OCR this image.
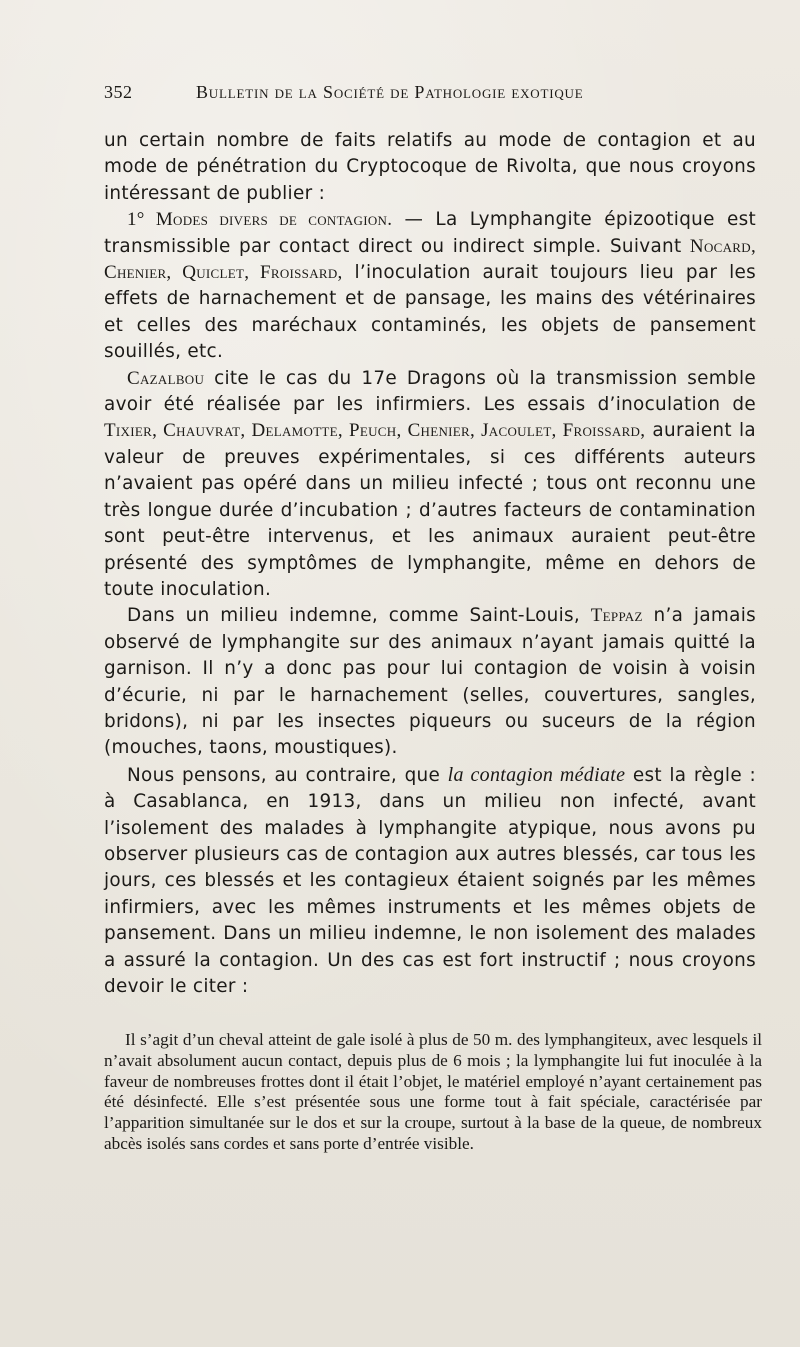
352	Bulletin de la Société de Pathologie exotique

un certain nombre de faits relatifs au mode de contagion et au mode de pénétration du Cryptocoque de Rivolta, que nous croyons intéressant de publier :

1° Modes divers de contagion. — La Lymphangite épizootique est transmissible par contact direct ou indirect simple. Suivant Nocard, Chenier, Quiclet, Froissard, l’inoculation aurait toujours lieu par les effets de harnachement et de pansage, les mains des vétérinaires et celles des maréchaux contaminés, les objets de pansement souillés, etc.

Cazalbou cite le cas du 17e Dragons où la transmission semble avoir été réalisée par les infirmiers. Les essais d’inoculation de Tixier, Chauvrat, Delamotte, Peuch, Chenier, Jacoulet, Froissard, auraient la valeur de preuves expérimentales, si ces différents auteurs n’avaient pas opéré dans un milieu infecté ; tous ont reconnu une très longue durée d’incubation ; d’autres facteurs de contamination sont peut-être intervenus, et les animaux auraient peut-être présenté des symptômes de lymphangite, même en dehors de toute inoculation.

Dans un milieu indemne, comme Saint-Louis, Teppaz n’a jamais observé de lymphangite sur des animaux n’ayant jamais quitté la garnison. Il n’y a donc pas pour lui contagion de voisin à voisin d’écurie, ni par le harnachement (selles, couvertures, sangles, bridons), ni par les insectes piqueurs ou suceurs de la région (mouches, taons, moustiques).

Nous pensons, au contraire, que la contagion médiate est la règle : à Casablanca, en 1913, dans un milieu non infecté, avant l’isolement des malades à lymphangite atypique, nous avons pu observer plusieurs cas de contagion aux autres blessés, car tous les jours, ces blessés et les contagieux étaient soignés par les mêmes infirmiers, avec les mêmes instruments et les mêmes objets de pansement. Dans un milieu indemne, le non isolement des malades a assuré la contagion. Un des cas est fort instructif ; nous croyons devoir le citer :

Il s’agit d’un cheval atteint de gale isolé à plus de 50 m. des lymphangiteux, avec lesquels il n’avait absolument aucun contact, depuis plus de 6 mois ; la lymphangite lui fut inoculée à la faveur de nombreuses frottes dont il était l’objet, le matériel employé n’ayant certainement pas été désinfecté. Elle s’est présentée sous une forme tout à fait spéciale, caractérisée par l’apparition simultanée sur le dos et sur la croupe, surtout à la base de la queue, de nombreux abcès isolés sans cordes et sans porte d’entrée visible.
